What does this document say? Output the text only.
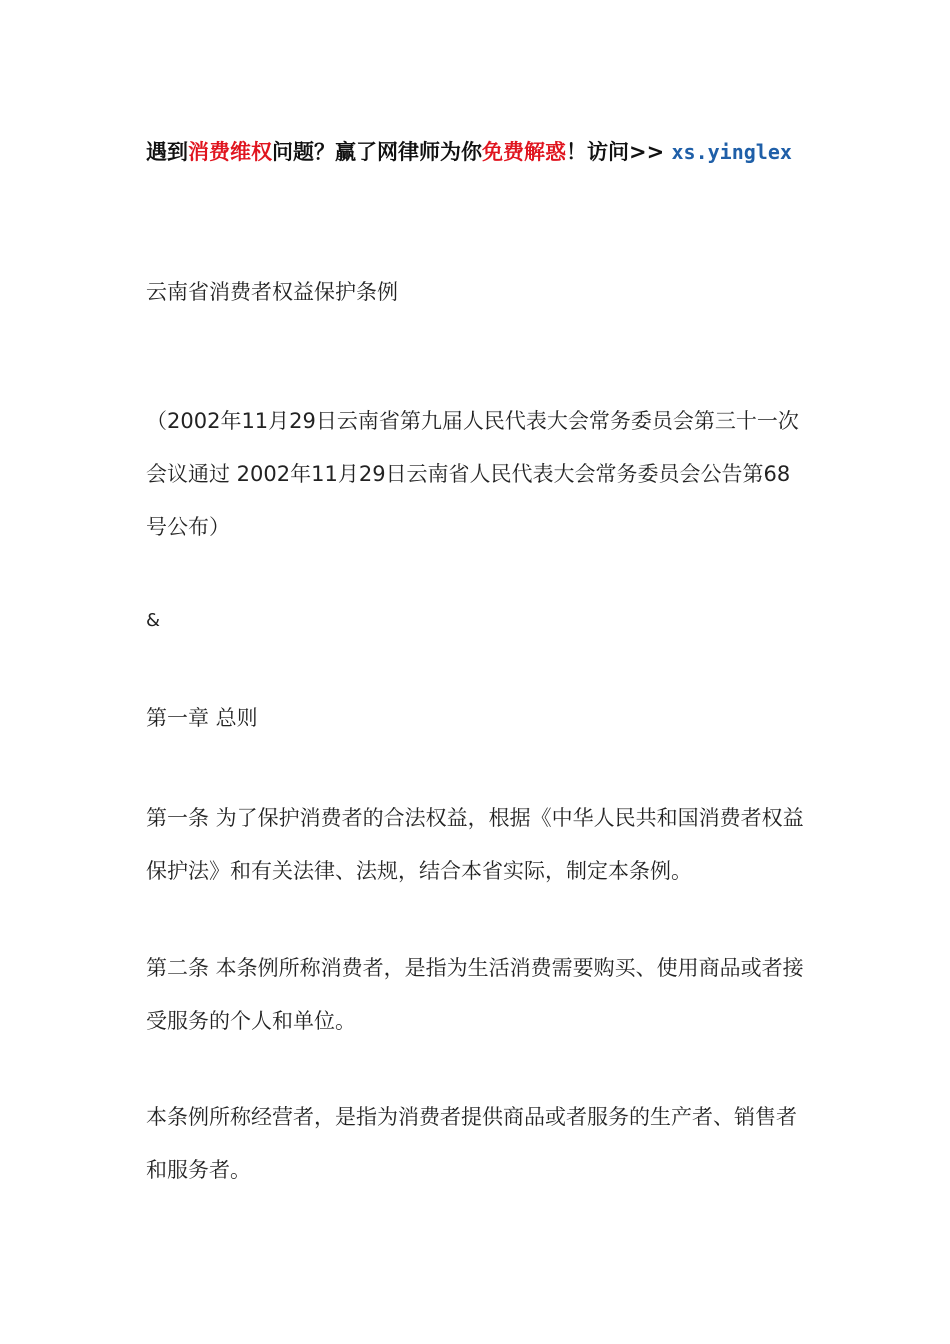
遇到消费维权问题？赢了网律师为你免费解惑！访问>> xs.yinglex
云南省消费者权益保护条例
（2002年11月29日云南省第九届人民代表大会常务委员会第三十一次会议通过 2002年11月29日云南省人民代表大会常务委员会公告第68号公布）
&
第一章 总则
第一条 为了保护消费者的合法权益，根据《中华人民共和国消费者权益保护法》和有关法律、法规，结合本省实际，制定本条例。
第二条 本条例所称消费者，是指为生活消费需要购买、使用商品或者接受服务的个人和单位。
本条例所称经营者，是指为消费者提供商品或者服务的生产者、销售者和服务者。
